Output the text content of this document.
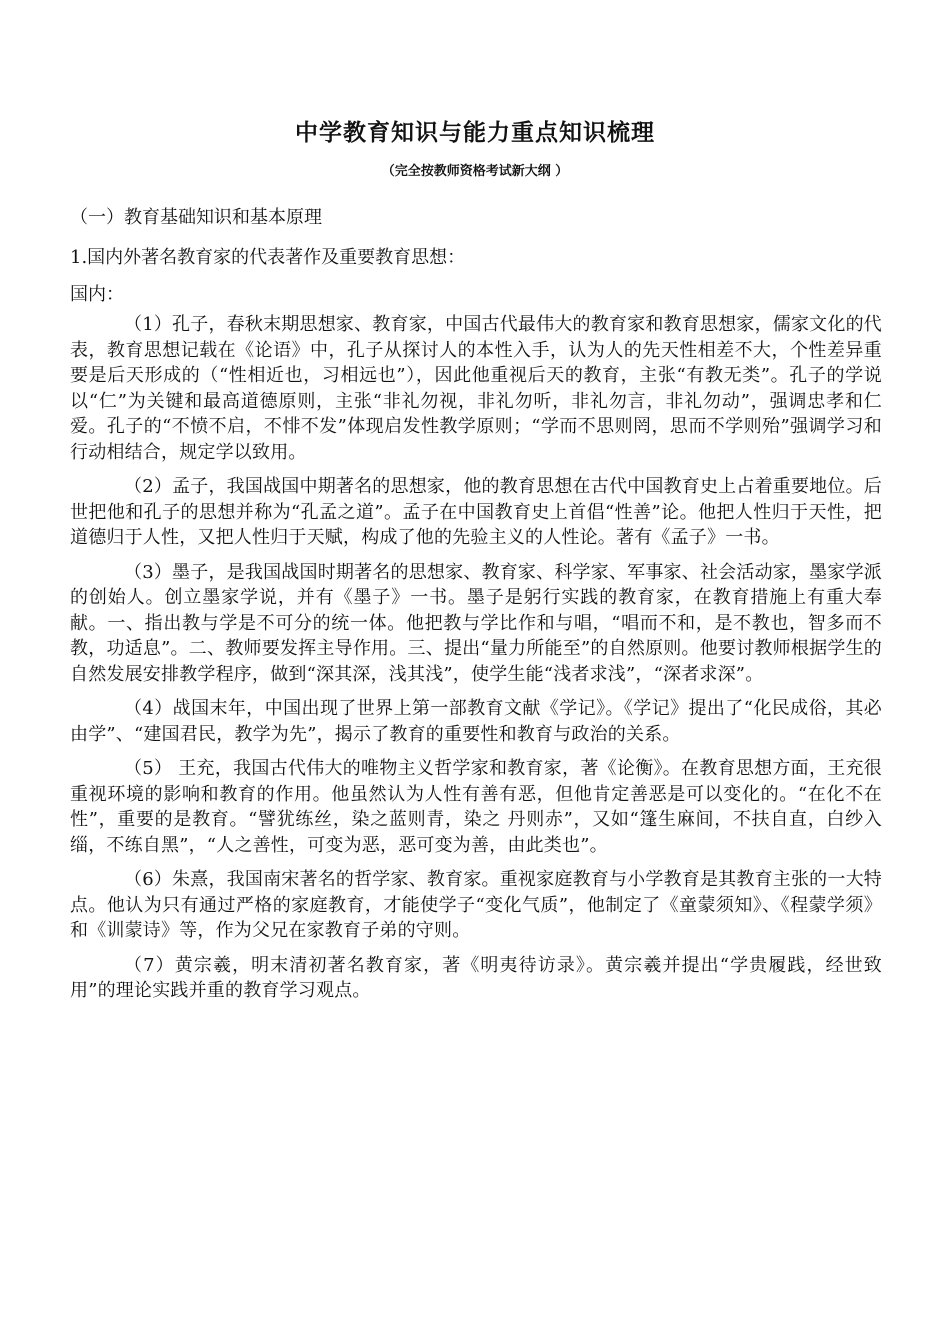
中学教育知识与能力重点知识梳理

（完全按教师资格考试新大纲 ）

（一）教育基础知识和基本原理

1.国内外著名教育家的代表著作及重要教育思想：

国内：

（1）孔子，春秋末期思想家、教育家，中国古代最伟大的教育家和教育思想家，儒家文化的代表，教育思想记载在《论语》中，孔子从探讨人的本性入手，认为人的先天性相差不大，个性差异重要是后天形成的（“性相近也，习相远也”），因此他重视后天的教育，主张“有教无类”。孔子的学说以“仁”为关键和最高道德原则，主张“非礼勿视，非礼勿听，非礼勿言，非礼勿动”，强调忠孝和仁爱。孔子的“不愤不启，不悱不发”体现启发性教学原则；“学而不思则罔，思而不学则殆”强调学习和行动相结合，规定学以致用。

（2）孟子，我国战国中期著名的思想家，他的教育思想在古代中国教育史上占着重要地位。后世把他和孔子的思想并称为“孔孟之道”。孟子在中国教育史上首倡“性善”论。他把人性归于天性，把道德归于人性，又把人性归于天赋，构成了他的先验主义的人性论。著有《孟子》一书。

（3）墨子，是我国战国时期著名的思想家、教育家、科学家、军事家、社会活动家，墨家学派的创始人。创立墨家学说，并有《墨子》一书。墨子是躬行实践的教育家，在教育措施上有重大奉献。一、指出教与学是不可分的统一体。他把教与学比作和与唱，“唱而不和，是不教也，智多而不教，功适息”。二、教师要发挥主导作用。三、提出“量力所能至”的自然原则。他要讨教师根据学生的自然发展安排教学程序，做到“深其深，浅其浅”，使学生能“浅者求浅”，“深者求深”。

（4）战国末年，中国出现了世界上第一部教育文献《学记》。《学记》提出了“化民成俗，其必由学”、“建国君民，教学为先”，揭示了教育的重要性和教育与政治的关系。

（5） 王充，我国古代伟大的唯物主义哲学家和教育家，著《论衡》。在教育思想方面，王充很重视环境的影响和教育的作用。他虽然认为人性有善有恶，但他肯定善恶是可以变化的。“在化不在性”，重要的是教育。“譬犹练丝，染之蓝则青，染之 丹则赤”，又如“篷生麻间，不扶自直，白纱入缁，不练自黑”，“人之善性，可变为恶，恶可变为善，由此类也”。

（6）朱熹，我国南宋著名的哲学家、教育家。重视家庭教育与小学教育是其教育主张的一大特点。他认为只有通过严格的家庭教育，才能使学子“变化气质”，他制定了《童蒙须知》、《程蒙学须》和《训蒙诗》等，作为父兄在家教育子弟的守则。

（7）黄宗羲，明末清初著名教育家，著《明夷待访录》。黄宗羲并提出“学贵履践，经世致用”的理论实践并重的教育学习观点。
